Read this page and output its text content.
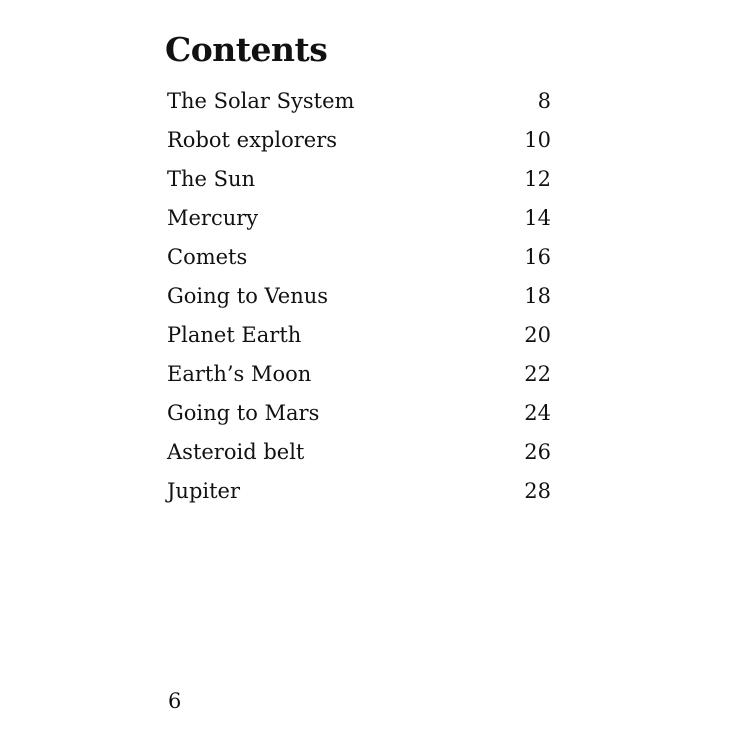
Contents
The Solar System	8
Robot explorers	10
The Sun	12
Mercury	14
Comets	16
Going to Venus	18
Planet Earth	20
Earth’s Moon	22
Going to Mars	24
Asteroid belt	26
Jupiter	28
6
